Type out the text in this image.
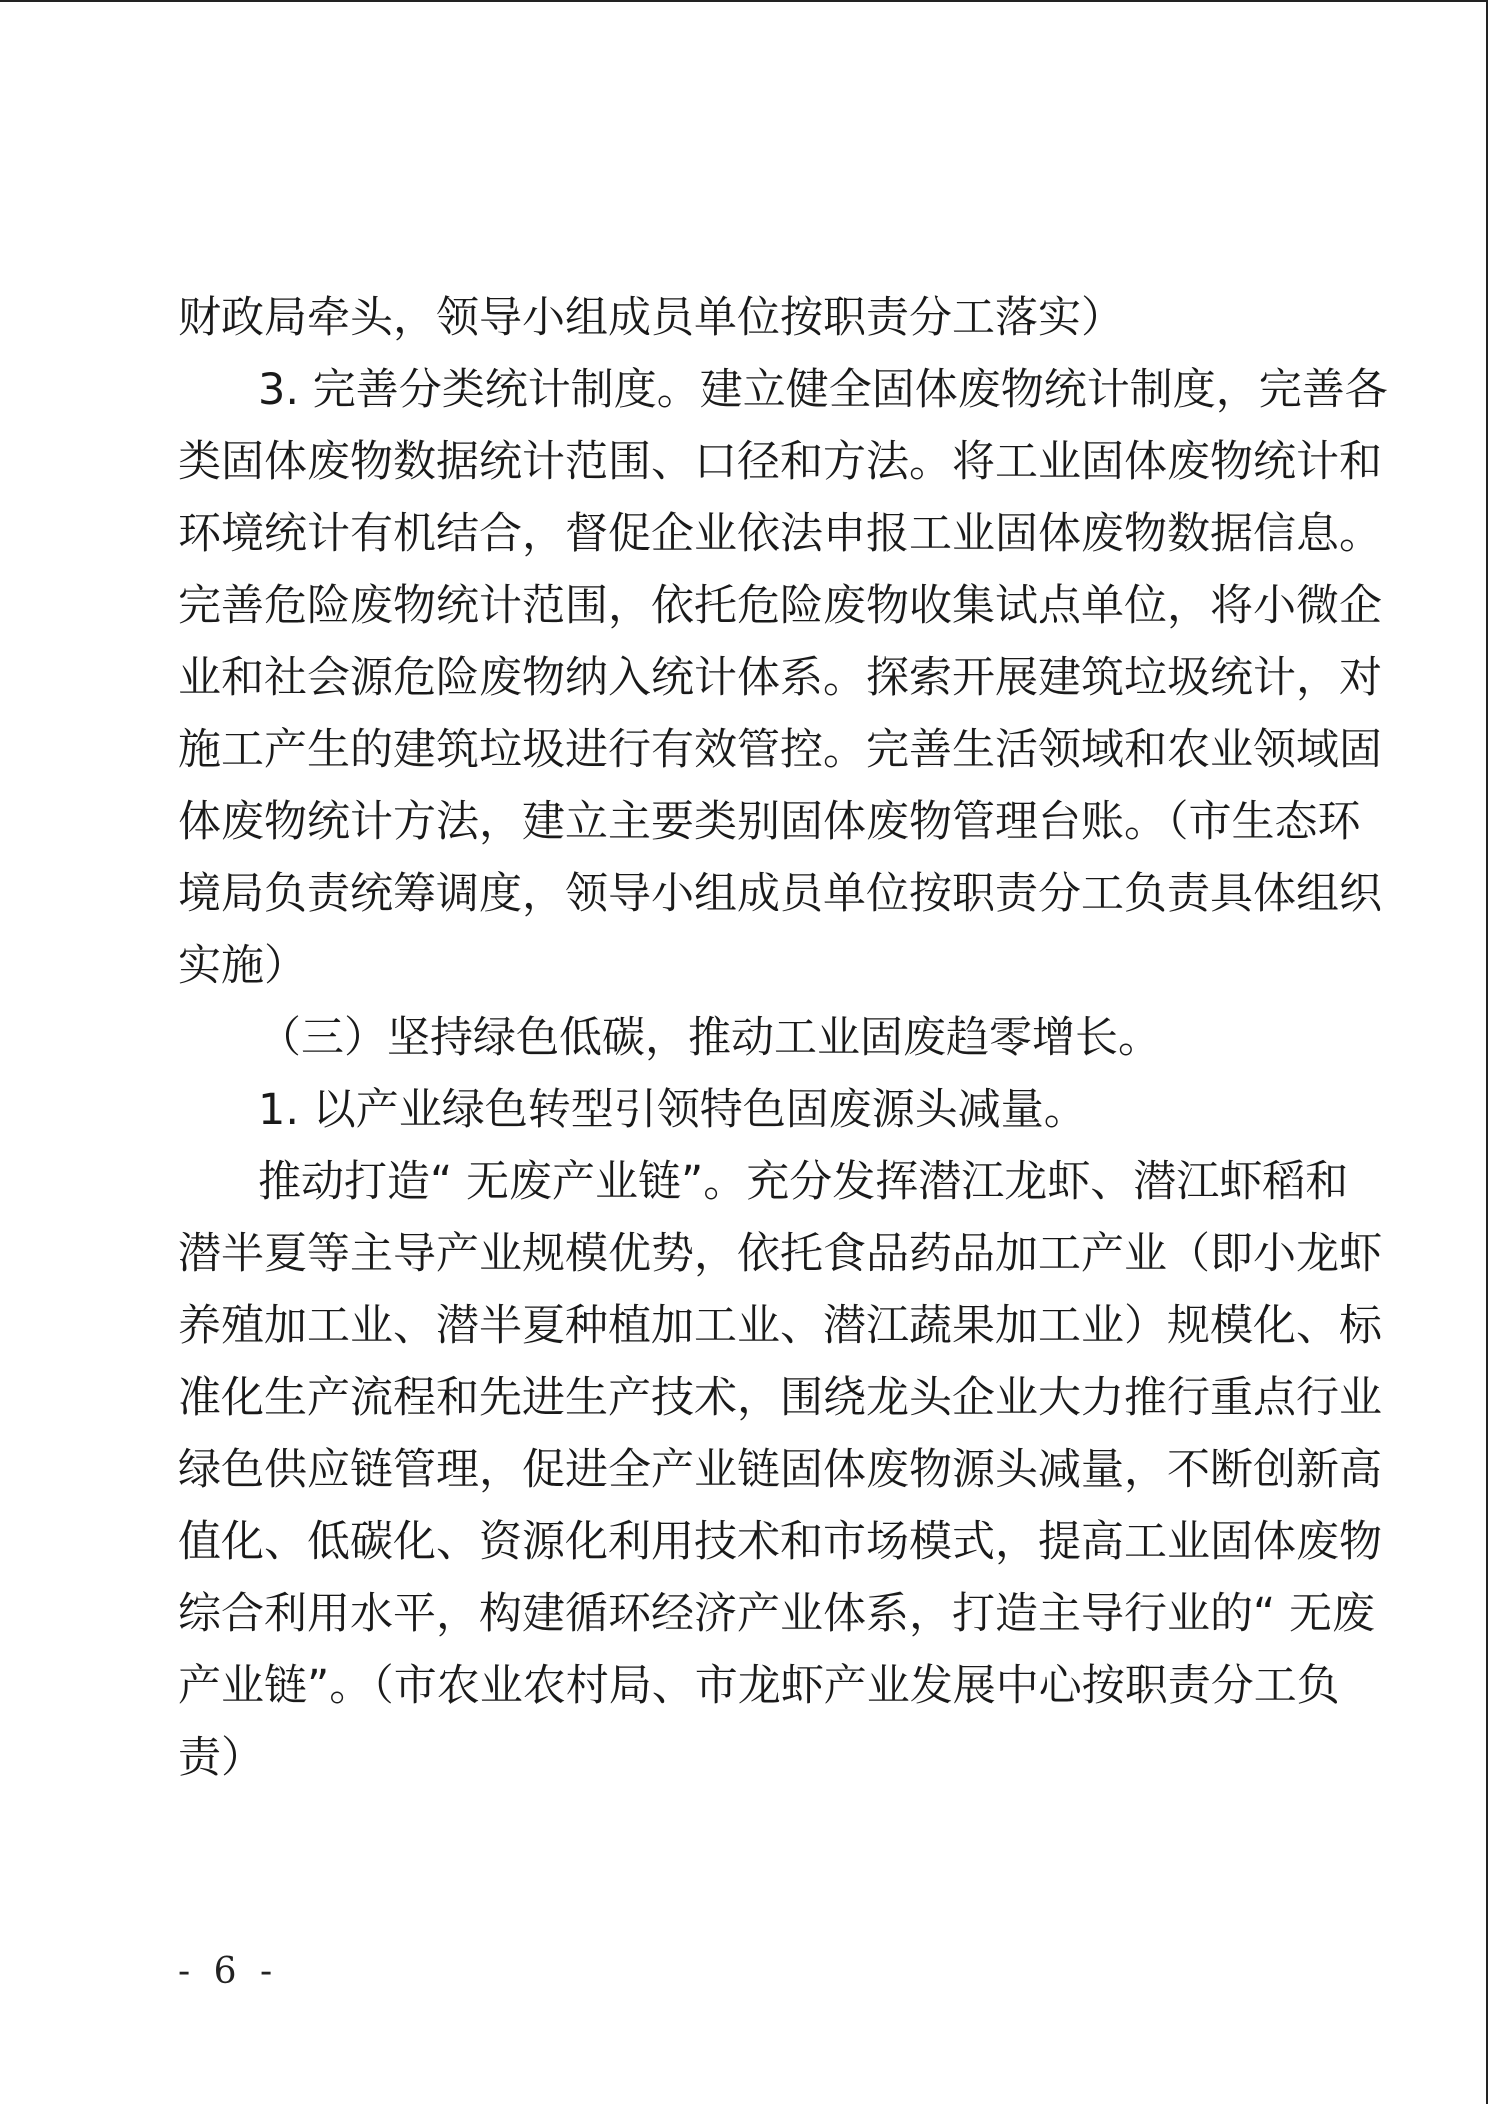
财政局牵头，领导小组成员单位按职责分工落实）
3. 完善分类统计制度。建立健全固体废物统计制度，完善各
类固体废物数据统计范围、口径和方法。将工业固体废物统计和
环境统计有机结合，督促企业依法申报工业固体废物数据信息。
完善危险废物统计范围，依托危险废物收集试点单位，将小微企
业和社会源危险废物纳入统计体系。探索开展建筑垃圾统计，对
施工产生的建筑垃圾进行有效管控。完善生活领域和农业领域固
体废物统计方法，建立主要类别固体废物管理台账。（市生态环
境局负责统筹调度，领导小组成员单位按职责分工负责具体组织
实施）
（三）坚持绿色低碳，推动工业固废趋零增长。
1. 以产业绿色转型引领特色固废源头减量。
推动打造“ 无废产业链”。充分发挥潜江龙虾、潜江虾稻和
潜半夏等主导产业规模优势，依托食品药品加工产业（即小龙虾
养殖加工业、潜半夏种植加工业、潜江蔬果加工业）规模化、标
准化生产流程和先进生产技术，围绕龙头企业大力推行重点行业
绿色供应链管理，促进全产业链固体废物源头减量，不断创新高
值化、低碳化、资源化利用技术和市场模式，提高工业固体废物
综合利用水平，构建循环经济产业体系，打造主导行业的“ 无废
产业链”。（市农业农村局、市龙虾产业发展中心按职责分工负
责）
- 6 -
